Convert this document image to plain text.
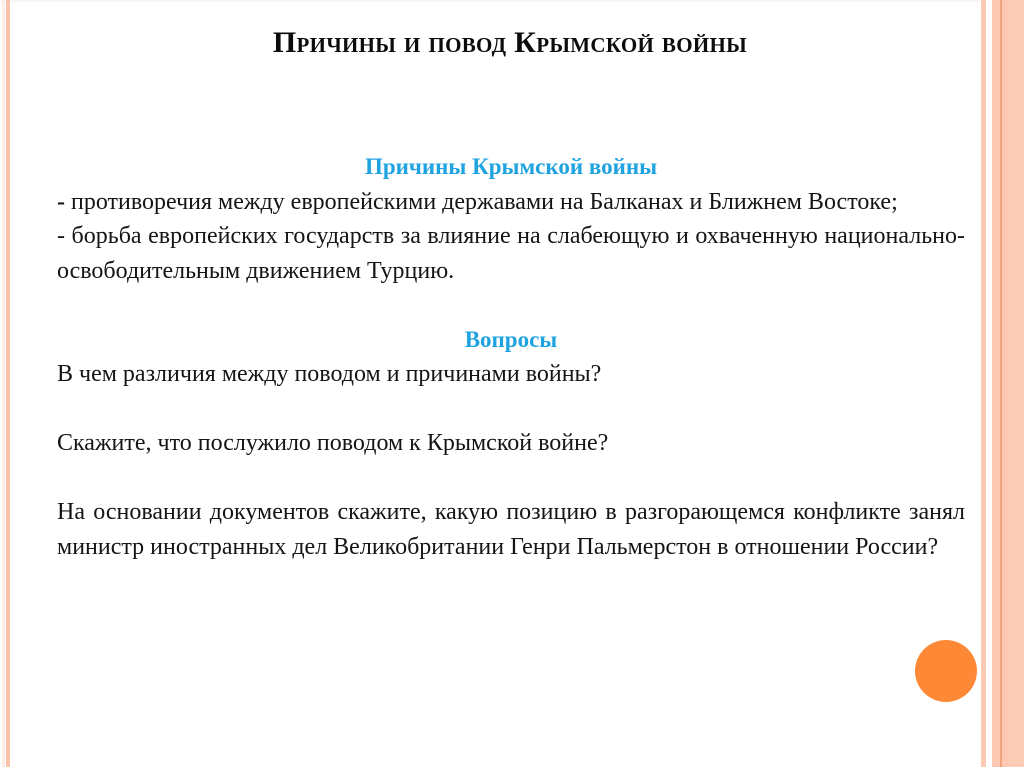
Причины и повод Крымской войны
Причины Крымской войны

- противоречия между европейскими державами на Балканах и Ближнем Востоке;

- борьба европейских государств за влияние на слабеющую и охваченную национально-освободительным движением Турцию.

Вопросы

В чем различия между поводом и причинами войны?

Скажите, что послужило поводом к Крымской войне?

На основании документов скажите, какую позицию в разгорающемся конфликте занял министр иностранных дел Великобритании Генри Пальмерстон в отношении России?
